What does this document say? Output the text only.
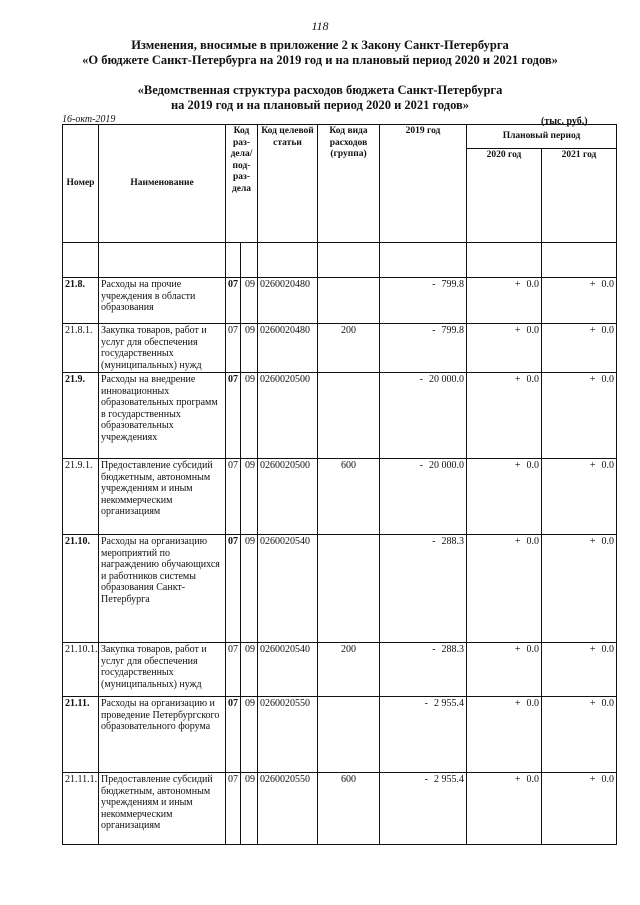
118
Изменения, вносимые в приложение 2 к Закону Санкт-Петербурга
«О бюджете Санкт-Петербурга на 2019 год и на плановый период 2020 и 2021 годов»
«Ведомственная структура расходов бюджета Санкт-Петербурга
на 2019 год и на плановый период 2020 и 2021 годов»
16-окт-2019	(тыс. руб.)
Номер	Наименование	Код раз-дела/ под-раз-дела		Код целевой статьи	Код вида расходов (группа)	2019 год	Плановый период	
							2020 год	2021 год

21.8.	Расходы на прочие учреждения в области образования	07	09	0260020480		- 799.8	+ 0.0	+ 0.0
21.8.1.	Закупка товаров, работ и услуг для обеспечения государственных (муниципальных) нужд	07	09	0260020480	200	- 799.8	+ 0.0	+ 0.0
21.9.	Расходы на внедрение инновационных образовательных программ в государственных образовательных учреждениях	07	09	0260020500		- 20 000.0	+ 0.0	+ 0.0
21.9.1.	Предоставление субсидий бюджетным, автономным учреждениям и иным некоммерческим организациям	07	09	0260020500	600	- 20 000.0	+ 0.0	+ 0.0
21.10.	Расходы на организацию мероприятий по награждению обучающихся и работников системы образования Санкт-Петербурга	07	09	0260020540		- 288.3	+ 0.0	+ 0.0
21.10.1.	Закупка товаров, работ и услуг для обеспечения государственных (муниципальных) нужд	07	09	0260020540	200	- 288.3	+ 0.0	+ 0.0
21.11.	Расходы на организацию и проведение Петербургского образовательного форума	07	09	0260020550		- 2 955.4	+ 0.0	+ 0.0
21.11.1.	Предоставление субсидий бюджетным, автономным учреждениям и иным некоммерческим организациям	07	09	0260020550	600	- 2 955.4	+ 0.0	+ 0.0
